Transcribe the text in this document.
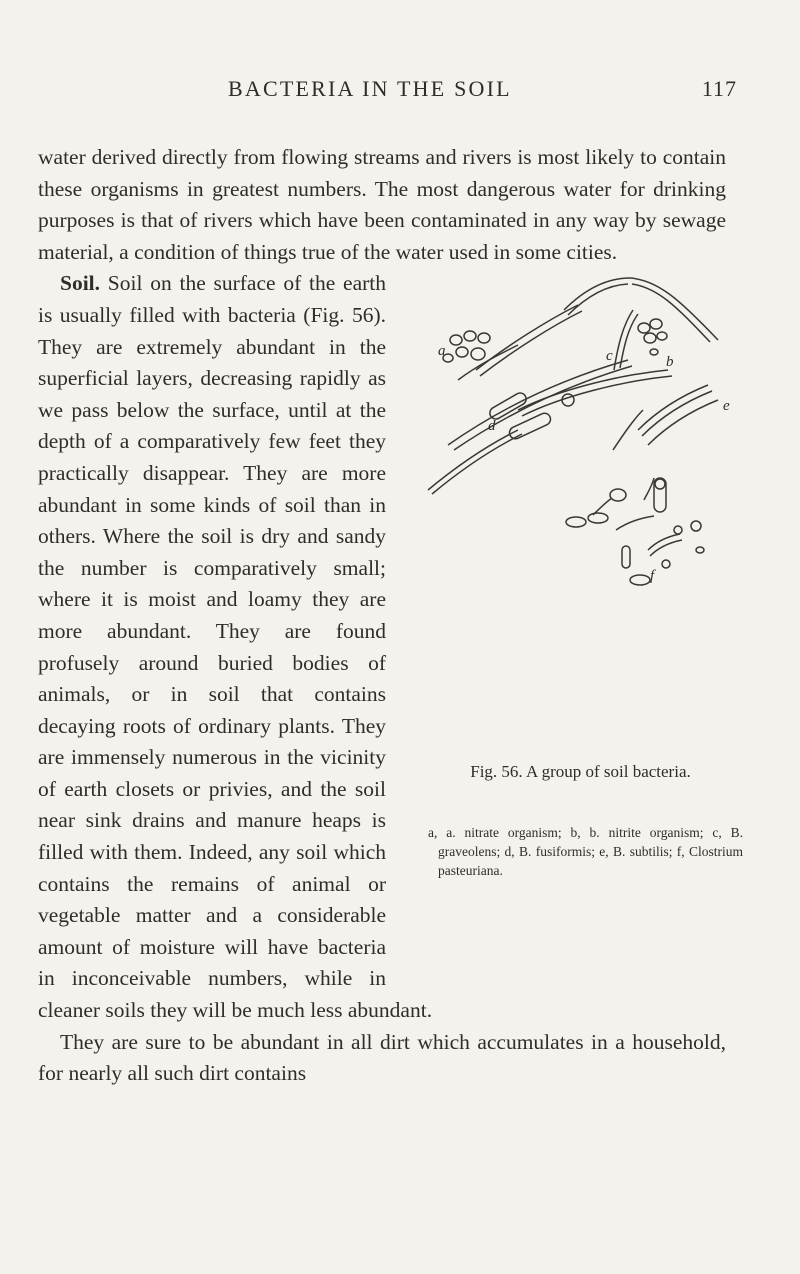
BACTERIA IN THE SOIL	117

water derived directly from flowing streams and rivers is most likely to contain these organisms in greatest numbers. The most dangerous water for drinking purposes is that of rivers which have been contaminated in any way by sewage material, a condition of things true of the water used in some cities.

Soil. Soil on the surface of the earth is usually filled with bacteria (Fig. 56). They are extremely abundant in the superficial layers, decreasing rapidly as we pass below the surface, until at the depth of a comparatively few feet they practically disappear. They are more abundant in some kinds of soil than in others. Where the soil is dry and sandy the number is comparatively small; where it is moist and loamy they are more abundant. They are found profusely around buried bodies of animals, or in soil that contains decaying roots of ordinary plants. They are immensely numerous in the vicinity of earth closets or privies, and the soil near sink drains and manure heaps is filled with them. Indeed, any soil which contains the remains of animal or vegetable matter and a considerable amount of moisture will have bacteria in inconceivable numbers, while in cleaner soils they will be much less abundant.

They are sure to be abundant in all dirt which accumulates in a household, for nearly all such dirt contains

a
b
c
d
e
f
Fig. 56. A group of soil bacteria.
a, a. nitrate organism; b, b. nitrite organism; c, B. graveolens; d, B. fusiformis; e, B. subtilis; f, Clostrium pasteuriana.
